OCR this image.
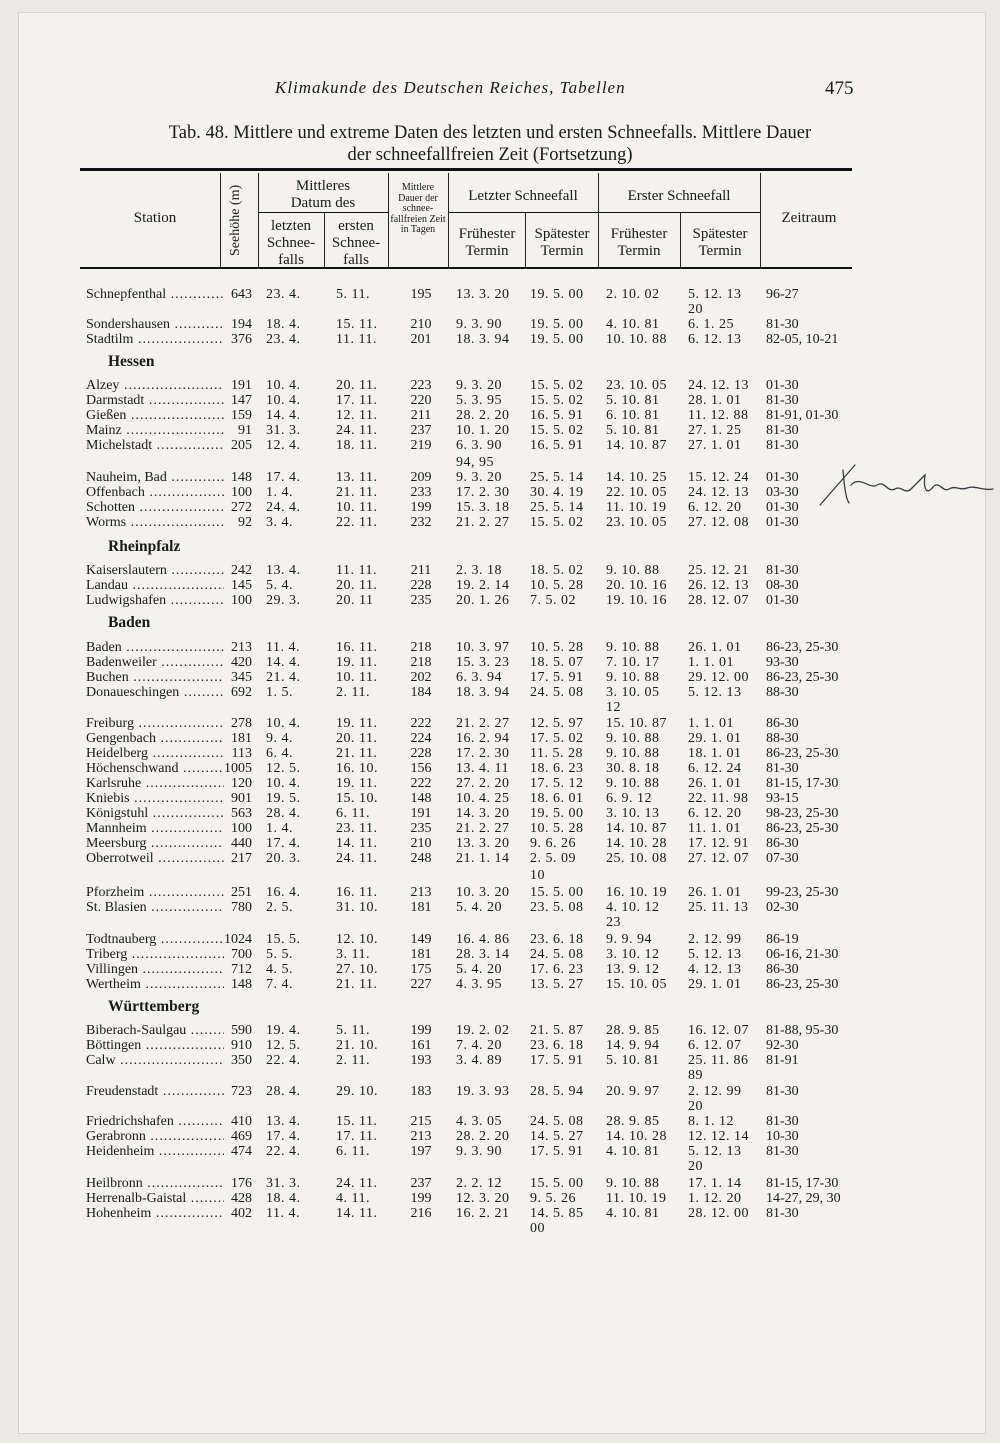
Klimakunde des Deutschen Reiches, Tabellen	475
Tab. 48. Mittlere und extreme Daten des letzten und ersten Schneefalls. Mittlere Dauer
der schneefallfreien Zeit (Fortsetzung)
Station	Seehöhe (m)	Mittleres Datum des
letzten Schnee- falls
ersten Schnee- falls
Mittlere Dauer der schnee- fallfreien Zeit in Tagen
Letzter Schneefall	Erster Schneefall
Frühester Termin
Spätester Termin
Frühester Termin
Spätester Termin
Zeitraum
Schnepfenthal .....	643 23. 4.	5. 11.	195	13. 3. 20	19. 5. 00	2. 10. 02	5. 12. 13	96-27
20
Sondershausen .....	194 18. 4.	15. 11.	210	9. 3. 90	19. 5. 00	4. 10. 81	6. 1. 25	81-30
Stadtilm .....	376 23. 4.	11. 11.	201	18. 3. 94	19. 5. 00	10. 10. 88	6. 12. 13	82-05, 10-21
Hessen
Alzey .....	191 10. 4.	20. 11.	223	9. 3. 20	15. 5. 02	23. 10. 05	24. 12. 13	01-30
Darmstadt .....	147 10. 4.	17. 11.	220	5. 3. 95	15. 5. 02	5. 10. 81	28. 1. 01	81-30
Gießen .....	159 14. 4.	12. 11.	211	28. 2. 20	16. 5. 91	6. 10. 81	11. 12. 88	81-91, 01-30
Mainz .....	91 31. 3.	24. 11.	237	10. 1. 20	15. 5. 02	5. 10. 81	27. 1. 25	81-30
Michelstadt .....	205 12. 4.	18. 11.	219	6. 3. 90	16. 5. 91	14. 10. 87	27. 1. 01	81-30
94, 95
Nauheim, Bad .....	148 17. 4.	13. 11.	209	9. 3. 20	25. 5. 14	14. 10. 25	15. 12. 24	01-30
Offenbach .....	100 1. 4.	21. 11.	233	17. 2. 30	30. 4. 19	22. 10. 05	24. 12. 13	03-30
Schotten .....	272 24. 4.	10. 11.	199	15. 3. 18	25. 5. 14	11. 10. 19	6. 12. 20	01-30
Worms .....	92 3. 4.	22. 11.	232	21. 2. 27	15. 5. 02	23. 10. 05	27. 12. 08	01-30
Rheinpfalz
Kaiserslautern .....	242 13. 4.	11. 11.	211	2. 3. 18	18. 5. 02	9. 10. 88	25. 12. 21	81-30
Landau .....	145 5. 4.	20. 11.	228	19. 2. 14	10. 5. 28	20. 10. 16	26. 12. 13	08-30
Ludwigshafen .....	100 29. 3.	20. 11	235	20. 1. 26	7. 5. 02	19. 10. 16	28. 12. 07	01-30
Baden
Baden .....	213 11. 4.	16. 11.	218	10. 3. 97	10. 5. 28	9. 10. 88	26. 1. 01	86-23, 25-30
Badenweiler .....	420 14. 4.	19. 11.	218	15. 3. 23	18. 5. 07	7. 10. 17	1. 1. 01	93-30
Buchen .....	345 21. 4.	10. 11.	202	6. 3. 94	17. 5. 91	9. 10. 88	29. 12. 00	86-23, 25-30
Donaueschingen .....	692 1. 5.	2. 11.	184	18. 3. 94	24. 5. 08	3. 10. 05	5. 12. 13	88-30
12
Freiburg .....	278 10. 4.	19. 11.	222	21. 2. 27	12. 5. 97	15. 10. 87	1. 1. 01	86-30
Gengenbach .....	181 9. 4.	20. 11.	224	16. 2. 94	17. 5. 02	9. 10. 88	29. 1. 01	88-30
Heidelberg .....	113 6. 4.	21. 11.	228	17. 2. 30	11. 5. 28	9. 10. 88	18. 1. 01	86-23, 25-30
Höchenschwand .....	1005 12. 5.	16. 10.	156	13. 4. 11	18. 6. 23	30. 8. 18	6. 12. 24	81-30
Karlsruhe .....	120 10. 4.	19. 11.	222	27. 2. 20	17. 5. 12	9. 10. 88	26. 1. 01	81-15, 17-30
Kniebis .....	901 19. 5.	15. 10.	148	10. 4. 25	18. 6. 01	6. 9. 12	22. 11. 98	93-15
Königstuhl .....	563 28. 4.	6. 11.	191	14. 3. 20	19. 5. 00	3. 10. 13	6. 12. 20	98-23, 25-30
Mannheim .....	100 1. 4.	23. 11.	235	21. 2. 27	10. 5. 28	14. 10. 87	11. 1. 01	86-23, 25-30
Meersburg .....	440 17. 4.	14. 11.	210	13. 3. 20	9. 6. 26	14. 10. 28	17. 12. 91	86-30
Oberrotweil .....	217 20. 3.	24. 11.	248	21. 1. 14	2. 5. 09	25. 10. 08	27. 12. 07	07-30
10
Pforzheim .....	251 16. 4.	16. 11.	213	10. 3. 20	15. 5. 00	16. 10. 19	26. 1. 01	99-23, 25-30
St. Blasien .....	780 2. 5.	31. 10.	181	5. 4. 20	23. 5. 08	4. 10. 12	25. 11. 13	02-30
23
Todtnauberg .....	1024 15. 5.	12. 10.	149	16. 4. 86	23. 6. 18	9. 9. 94	2. 12. 99	86-19
Triberg .....	700 5. 5.	3. 11.	181	28. 3. 14	24. 5. 08	3. 10. 12	5. 12. 13	06-16, 21-30
Villingen .....	712 4. 5.	27. 10.	175	5. 4. 20	17. 6. 23	13. 9. 12	4. 12. 13	86-30
Wertheim .....	148 7. 4.	21. 11.	227	4. 3. 95	13. 5. 27	15. 10. 05	29. 1. 01	86-23, 25-30
Württemberg
Biberach-Saulgau .....	590 19. 4.	5. 11.	199	19. 2. 02	21. 5. 87	28. 9. 85	16. 12. 07	81-88, 95-30
Böttingen .....	910 12. 5.	21. 10.	161	7. 4. 20	23. 6. 18	14. 9. 94	6. 12. 07	92-30
Calw .....	350 22. 4.	2. 11.	193	3. 4. 89	17. 5. 91	5. 10. 81	25. 11. 86	81-91
89
Freudenstadt .....	723 28. 4.	29. 10.	183	19. 3. 93	28. 5. 94	20. 9. 97	2. 12. 99	81-30
20
Friedrichshafen .....	410 13. 4.	15. 11.	215	4. 3. 05	24. 5. 08	28. 9. 85	8. 1. 12	81-30
Gerabronn .....	469 17. 4.	17. 11.	213	28. 2. 20	14. 5. 27	14. 10. 28	12. 12. 14	10-30
Heidenheim .....	474 22. 4.	6. 11.	197	9. 3. 90	17. 5. 91	4. 10. 81	5. 12. 13	81-30
20
Heilbronn .....	176 31. 3.	24. 11.	237	2. 2. 12	15. 5. 00	9. 10. 88	17. 1. 14	81-15, 17-30
Herrenalb-Gaistal .....	428 18. 4.	4. 11.	199	12. 3. 20	9. 5. 26	11. 10. 19	1. 12. 20	14-27, 29, 30
Hohenheim .....	402 11. 4.	14. 11.	216	16. 2. 21	14. 5. 85	4. 10. 81	28. 12. 00	81-30
00
